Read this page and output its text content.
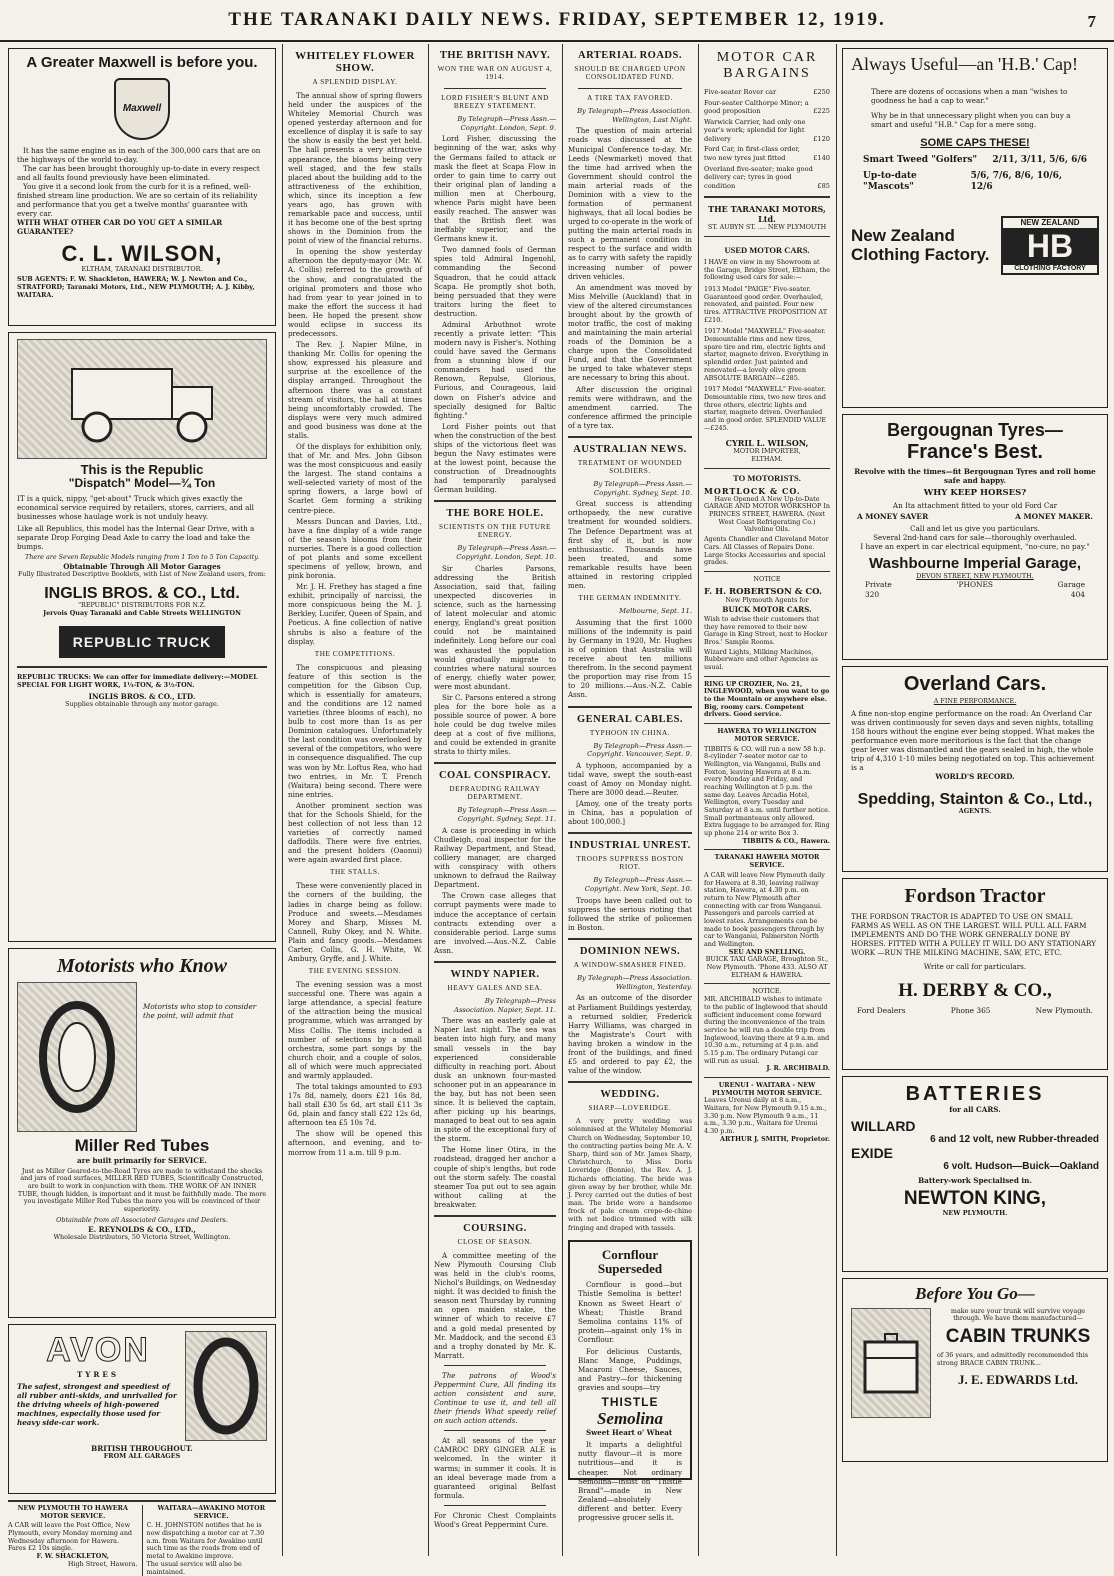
THE TARANAKI DAILY NEWS. FRIDAY, SEPTEMBER 12, 1919.	7
A Greater Maxwell is before you.
Maxwell

It has the same engine as in each of the 300,000 cars that are on the highways of the world to-day.

The car has been brought thoroughly up-to-date in every respect and all faults found previously have been eliminated.

You give it a second look from the curb for it is a refined, well-finished stream line production. We are so certain of its reliability and performance that you get a twelve months' guarantee with every car.

WITH WHAT OTHER CAR DO YOU GET A SIMILAR GUARANTEE?

C. L. WILSON,

ELTHAM, TARANAKI DISTRIBUTOR.

SUB AGENTS: F. W. Shackleton, HAWERA; W. J. Newton and Co., STRATFORD; Taranaki Motors, Ltd., NEW PLYMOUTH; A. J. Kibby, WAITARA.

This is the Republic
"Dispatch" Model—¾ Ton

IT is a quick, nippy, "get-about" Truck which gives exactly the economical service required by retailers, stores, carriers, and all businesses whose haulage work is not unduly heavy.

Like all Republics, this model has the Internal Gear Drive, with a separate Drop Forging Dead Axle to carry the load and take the bumps.

There are Seven Republic Models ranging from 1 Ton to 5 Ton Capacity.

Obtainable Through All Motor Garages

Fully Illustrated Descriptive Booklets, with List of New Zealand users, from:

INGLIS BROS. & CO., Ltd.

"REPUBLIC" DISTRIBUTORS FOR N.Z.

Jervois Quay Taranaki and Cable Streets WELLINGTON

REPUBLIC TRUCK

REPUBLIC TRUCKS: We can offer for immediate delivery:—MODEL SPECIAL FOR LIGHT WORK, 1¼-TON, & 3½-TON.

INGLIS BROS. & CO., LTD.

Supplies obtainable through any motor garage.

Motorists who Know

Motorists who stop to consider the point, will admit that

Miller Red Tubes

are built primarily for SERVICE.

Just as Miller Geared-to-the-Road Tyres are made to withstand the shocks and jars of road surfaces, MILLER RED TUBES, Scientifically Constructed, are built to work in conjunction with them. THE WORK OF AN INNER TUBE, though hidden, is important and it must be faithfully made. The more you investigate Miller Red Tubes the more you will be convinced of their superiority.

Obtainable from all Associated Garages and Dealers.

E. REYNOLDS & CO., LTD.,

Wholesale Distributors, 50 Victoria Street, Wellington.

AVON

TYRES

The safest, strongest and speediest of all rubber anti-skids, and unrivalled for the driving wheels of high-powered machines, especially those used for heavy side-car work.

BRITISH THROUGHOUT.

FROM ALL GARAGES

NEW PLYMOUTH TO HAWERA MOTOR SERVICE.

A CAR will leave the Post Office, New Plymouth, every Monday morning and Wednesday afternoon for Hawera. Fares £2 10s single.

F. W. SHACKLETON,

High Street, Hawera.

WAITARA—AWAKINO MOTOR SERVICE.

C. H. JOHNSTON notifies that he is now dispatching a motor car at 7.30 a.m. from Waitara for Awakino until such time as the roads from end of metal to Awakino improve.

The usual service will also be maintained.

WHITELEY FLOWER SHOW.
A SPLENDID DISPLAY.

The annual show of spring flowers held under the auspices of the Whiteley Memorial Church was opened yesterday afternoon and for excellence of display it is safe to say the show is easily the best yet held. The hall presents a very attractive appearance, the blooms being very well staged, and the few stalls placed about the building add to the attractiveness of the exhibition, which, since its inception a few years ago, has grown with remarkable pace and success, until it has become one of the best spring shows in the Dominion from the point of view of the financial returns.

In opening the show yesterday afternoon the deputy-mayor (Mr. W. A. Collis) referred to the growth of the show, and congratulated the original promoters and those who had from year to year joined in to make the effort the success it had been. He hoped the present show would eclipse in success its predecessors.

The Rev. J. Napier Milne, in thanking Mr. Collis for opening the show, expressed his pleasure and surprise at the excellence of the display arranged. Throughout the afternoon there was a constant stream of visitors, the hall at times being uncomfortably crowded. The displays were very much admired and good business was done at the stalls.

Of the displays for exhibition only, that of Mr. and Mrs. John Gibson was the most conspicuous and easily the largest. The stand contains a well-selected variety of most of the spring flowers, a large bowl of Scarlet Gem forming a striking centre-piece.

Messrs Duncan and Davies, Ltd., have a fine display of a wide range of the season's blooms from their nurseries. There is a good collection of pot plants and some excellent specimens of yellow, brown, and pink boronia.

Mr. J. H. Frethey has staged a fine exhibit, principally of narcissi, the more conspicuous being the M. J. Berkley, Lucifer, Queen of Spain, and Poeticus. A fine collection of native shrubs is also a feature of the display.

THE COMPETITIONS.

The conspicuous and pleasing feature of this section is the competition for the Gibson Cup, which is essentially for amateurs, and the conditions are 12 named varieties (three blooms of each), no bulb to cost more than 1s as per Dominion catalogues. Unfortunately the last condition was overlooked by several of the competitors, who were in consequence disqualified. The cup was won by Mr. Loftus Rea, who had two entries, in Mr. T. French (Waitara) being second. There were nine entries.

Another prominent section was that for the Schools Shield, for the best collection of not less than 12 varieties of correctly named daffodils. There were five entries, and the present holders (Oaonui) were again awarded first place.

THE STALLS.

These were conveniently placed in the corners of the building, the ladies in charge being as follow: Produce and sweets.—Mesdames Morey and Sharp, Misses M. Cannell, Ruby Okey, and N. White. Plain and fancy goods.—Mesdames Carter, Collis, G. H. White, W. Ambury, Gryffe, and J. White.

THE EVENING SESSION.

The evening session was a most successful one. There was again a large attendance, a special feature of the attraction being the musical programme, which was arranged by Miss Collis. The items included a number of selections by a small orchestra, some part songs by the church choir, and a couple of solos, all of which were much appreciated and warmly applauded.

The total takings amounted to £93 17s 8d, namely, doors £21 16s 8d, hall stall £30 5s 6d, art stall £11 3s 6d, plain and fancy stall £22 12s 6d, afternoon tea £5 10s 7d.

The show will be opened this afternoon, and evening, and to-morrow from 11 a.m. till 9 p.m.

THE BRITISH NAVY.
WON THE WAR ON AUGUST 4, 1914.
LORD FISHER'S BLUNT AND BREEZY STATEMENT.

By Telegraph—Press Assn.—Copyright. London, Sept. 9.

Lord Fisher, discussing the beginning of the war, asks why the Germans failed to attack or mask the fleet at Scapa Flow in order to gain time to carry out their original plan of landing a million men at Cherbourg, whence Paris might have been easily reached. The answer was that the British fleet was ineffably superior, and the Germans knew it.

Two damned fools of German spies told Admiral Ingenohl, commanding the Second Squadron, that he could attack Scapa. He promptly shot both, being persuaded that they were traitors luring the fleet to destruction.

Admiral Arbuthnot wrote recently a private letter: "This modern navy is Fisher's. Nothing could have saved the Germans from a stunning blow if our commanders had used the Renown, Repulse, Glorious, Furious, and Courageous, laid down on Fisher's advice and specially designed for Baltic fighting."

Lord Fisher points out that when the construction of the best ships of the victorious fleet was begun the Navy estimates were at the lowest point, because the construction of Dreadnoughts had temporarily paralysed German building.

THE BORE HOLE.
SCIENTISTS ON THE FUTURE ENERGY.

By Telegraph—Press Assn.—Copyright. London, Sept. 10.

Sir Charles Parsons, addressing the British Association, said that, failing unexpected discoveries in science, such as the harnessing of latent molecular and atomic energy, England's great position could not be maintained indefinitely. Long before our coal was exhausted the population would gradually migrate to countries where natural sources of energy, chiefly water power, were most abundant.

Sir C. Parsons entered a strong plea for the bore hole as a possible source of power. A bore hole could be dug twelve miles deep at a cost of five millions, and could be extended in granite strata to thirty miles.

COAL CONSPIRACY.
DEFRAUDING RAILWAY DEPARTMENT.

By Telegraph—Press Assn.—Copyright. Sydney, Sept. 11.

A case is proceeding in which Chudleigh, coal inspector for the Railway Department, and Stead, colliery manager, are charged with conspiracy with others unknown to defraud the Railway Department.

The Crown case alleges that corrupt payments were made to induce the acceptance of certain contracts extending over a considerable period. Large sums are involved.—Aus.-N.Z. Cable Assn.

WINDY NAPIER.
HEAVY GALES AND SEA.

By Telegraph—Press Association. Napier, Sept. 11.

There was an easterly gale at Napier last night. The sea was beaten into high fury, and many small vessels in the bay experienced considerable difficulty in reaching port. About dusk an unknown four-masted schooner put in an appearance in the bay, but has not been seen since. It is believed the captain, after picking up his bearings, managed to beat out to sea again in spite of the exceptional fury of the storm.

The Home liner Otira, in the roadstead, dragged her anchor a couple of ship's lengths, but rode out the storm safely. The coastal steamer Toa put out to sea again without calling at the breakwater.

COURSING.
CLOSE OF SEASON.

A committee meeting of the New Plymouth Coursing Club was held in the club's rooms, Nichol's Buildings, on Wednesday night. It was decided to finish the season next Thursday by running an open maiden stake, the winner of which to receive £7 and a gold medal presented by Mr. Maddock, and the second £3 and a trophy donated by Mr. K. Marratt.

The patrons of Wood's Peppermint Cure, All finding its action consistent and sure, Continue to use it, and tell all their friends What speedy relief on such action attends.

At all seasons of the year CAMROC DRY GINGER ALE is welcomed. In the winter it warms; in summer it cools. It is an ideal beverage made from a guaranteed original Belfast formula.

For Chronic Chest Complaints Wood's Great Peppermint Cure.

ARTERIAL ROADS.
SHOULD BE CHARGED UPON CONSOLIDATED FUND.
A TIRE TAX FAVORED.

By Telegraph—Press Association. Wellington, Last Night.

The question of main arterial roads was discussed at the Municipal Conference to-day. Mr. Leeds (Newmarket) moved that the time had arrived when the Government should control the main arterial roads of the Dominion with a view to the formation of permanent highways, that all local bodies be urged to co-operate in the work of putting the main arterial roads in such a permanent condition in respect to the surface and width as to carry with safety the rapidly increasing number of power driven vehicles.

An amendment was moved by Miss Melville (Auckland) that in view of the altered circumstances brought about by the growth of motor traffic, the cost of making and maintaining the main arterial roads of the Dominion be a charge upon the Consolidated Fund, and that the Government be urged to take whatever steps are necessary to bring this about.

After discussion the original remits were withdrawn, and the amendment carried. The conference affirmed the principle of a tyre tax.

AUSTRALIAN NEWS.
TREATMENT OF WOUNDED SOLDIERS.

By Telegraph—Press Assn.—Copyright. Sydney, Sept. 10.

Great success is attending orthopaedy, the new curative treatment for wounded soldiers. The Defence Department was at first shy of it, but is now enthusiastic. Thousands have been treated, and some remarkable results have been attained in restoring crippled men.

THE GERMAN INDEMNITY.

Melbourne, Sept. 11.

Assuming that the first 1000 millions of the indemnity is paid by Germany in 1920, Mr. Hughes is of opinion that Australia will receive about ten millions therefrom. In the second payment the proportion may rise from 15 to 20 millions.—Aus.-N.Z. Cable Assn.

GENERAL CABLES.
TYPHOON IN CHINA.

By Telegraph—Press Assn.—Copyright. Vancouver, Sept. 9.

A typhoon, accompanied by a tidal wave, swept the south-east coast of Amoy on Monday night. There are 3000 dead.—Reuter.

[Amoy, one of the treaty ports in China, has a population of about 100,000.]

INDUSTRIAL UNREST.
TROOPS SUPPRESS BOSTON RIOT.

By Telegraph—Press Assn.—Copyright. New York, Sept. 10.

Troops have been called out to suppress the serious rioting that followed the strike of policemen in Boston.

DOMINION NEWS.
A WINDOW-SMASHER FINED.

By Telegraph—Press Association. Wellington, Yesterday.

As an outcome of the disorder at Parliament Buildings yesterday, a returned soldier, Frederick Harry Williams, was charged in the Magistrate's Court with having broken a window in the front of the buildings, and fined £5 and ordered to pay £2, the value of the window.

WEDDING.
SHARP—LOVERIDGE.

A very pretty wedding was solemnised at the Whiteley Memorial Church on Wednesday, September 10, the contracting parties being Mr. A. V. Sharp, third son of Mr. James Sharp, Christchurch, to Miss Doris Loveridge (Bonnie), the Rev. A. J. Richards officiating. The bride was given away by her brother, while Mr. J. Percy carried out the duties of best man. The bride wore a handsome frock of pale cream crepe-de-chine with net bodice trimmed with silk fringing and draped with tassels.

Cornflour Superseded

Cornflour is good—but Thistle Semolina is better! Known as Sweet Heart o' Wheat; Thistle Brand Semolina contains 11% of protein—against only 1% in Cornflour.

For delicious Custards, Blanc Mange, Puddings, Macaroni Cheese, Sauces, and Pastry—for thickening gravies and soups—try

THISTLE
Semolina

Sweet Heart o' Wheat

It imparts a delightful nutty flavour—it is more nutritious—and it is cheaper. Not ordinary Semolina—insist on "Thistle Brand"—made in New Zealand—absolutely different and better. Every progressive grocer sells it.

MOTOR CAR
BARGAINS
Five-seater Rover car	£250
Four-seater Calthorpe Minor; a good proposition	£225
Warwick Carrier, had only one year's work; splendid for light delivery	£120
Ford Car, in first-class order, two new tyres just fitted	£140
Overland five-seater; make good delivery car; tyres in good condition	£85

THE TARANAKI MOTORS, Ltd.

ST. AUBYN ST. .... NEW PLYMOUTH

USED MOTOR CARS.

I HAVE on view in my Showroom at the Garage, Bridge Street, Eltham, the following used cars for sale:—

1913 Model "PAIGE" Five-seater. Guaranteed good order. Overhauled, renovated, and painted. Four new tires. ATTRACTIVE PROPOSITION AT £210.

1917 Model "MAXWELL" Five-seater. Demountable rims and new tires, spare tire and rim, electric lights and starter, magneto driven. Everything in splendid order. Just painted and renovated—a lovely olive green ABSOLUTE BARGAIN—£285.

1917 Model "MAXWELL" Five-seater. Demountable rims, two new tires and three others, electric lights and starter, magneto driven. Overhauled and in good order. SPLENDID VALUE—£245.

CYRIL L. WILSON,

MOTOR IMPORTER,

ELTHAM.

TO MOTORISTS.

MORTLOCK & CO.

Have Opened A New Up-to-Date GARAGE AND MOTOR WORKSHOP In PRINCES STREET, HAWERA. (Next West Coast Refrigerating Co.) Valvoline Oils.

Agents Chandler and Cleveland Motor Cars. All Classes of Repairs Done. Large Stocks Accessories and special grades.

NOTICE

F. H. ROBERTSON & CO.

New Plymouth Agents for

BUICK MOTOR CARS.

Wish to advise their customers that they have removed to their new Garage in King Street, next to Hocker Bros.' Sample Rooms.

Wizard Lights, Milking Machines, Rubberware and other Agencies as usual.

RING UP CROZIER, No. 21, INGLEWOOD, when you want to go to the Mountain or anywhere else. Big, roomy cars. Competent drivers. Good service.

HAWERA TO WELLINGTON MOTOR SERVICE.

TIBBITS & CO. will run a new 58 h.p. 8-cylinder 7-seater motor car to Wellington, via Wanganui, Bulls and Foxton, leaving Hawera at 8 a.m. every Monday and Friday, and reaching Wellington at 5 p.m. the same day. Leaves Arcadia Hotel, Wellington, every Tuesday and Saturday at 8 a.m. until further notice.

Small portmanteaux only allowed. Extra luggage to be arranged for. Ring up phone 214 or write Box 3.

TIBBITS & CO., Hawera.

TARANAKI HAWERA MOTOR SERVICE.

A CAR will leave New Plymouth daily for Hawera at 8.30, leaving railway station, Hawera, at 4.30 p.m. on return to New Plymouth after connecting with car from Wanganui.

Passengers and parcels carried at lowest rates. Arrangements can be made to book passengers through by car to Wanganui, Palmerston North and Wellington.

SEU AND SNELLING.

BUICK TAXI GARAGE, Broughton St., New Plymouth. 'Phone 433. ALSO AT ELTHAM & HAWERA.

NOTICE.

MR. ARCHIBALD wishes to intimate to the public of Inglewood that should sufficient inducement come forward during the inconvenience of the train service he will run a double trip from Inglewood, leaving there at 9 a.m. and 10.30 a.m., returning at 4 p.m. and 5.15 p.m. The ordinary Putangi car will run as usual.

J. R. ARCHIBALD.

URENUI - WAITARA - NEW PLYMOUTH MOTOR SERVICE.

Leaves Urenui daily at 8 a.m., Waitara, for New Plymouth 9.15 a.m., 3.30 p.m. New Plymouth 9 a.m., 11 a.m., 3.30 p.m., Waitara for Urenui 4.30 p.m.

ARTHUR J. SMITH, Proprietor.

Always Useful—an 'H.B.' Cap!

There are dozens of occasions when a man "wishes to goodness he had a cap to wear."

Why be in that unnecessary plight when you can buy a smart and useful "H.B." Cap for a mere song.

SOME CAPS THESE!
Smart Tweed "Golfers" 2/11, 3/11, 5/6, 6/6
Up-to-date "Mascots"
5/6, 7/6, 8/6, 10/6, 12/6
New Zealand
Clothing Factory.
NEW ZEALAND
HB
CLOTHING FACTORY
Bergougnan Tyres—
France's Best.

Revolve with the times—fit Bergougnan Tyres and roll home safe and happy.

WHY KEEP HORSES?

An Ita attachment fitted to your old Ford Car

A MONEY SAVER	A MONEY MAKER.

Call and let us give you particulars.

Several 2nd-hand cars for sale—thoroughly overhauled.

I have an expert in car electrical equipment, "no-cure, no pay."

Washbourne Imperial Garage,

DEVON STREET, NEW PLYMOUTH.

Private	'PHONES	Garage
320	404
Overland Cars.

A FINE PERFORMANCE.

A fine non-stop engine performance on the road: An Overland Car was driven continuously for seven days and seven nights, totalling 158 hours without the engine ever being stopped. What makes the performance even more meritorious is the fact that the change gear lever was dismantled and the gears sealed in high, the whole trip of 4,310 1-10 miles being negotiated on top. This achievement is a

WORLD'S RECORD.

Spedding, Stainton & Co., Ltd.,

AGENTS.

Fordson Tractor

THE FORDSON TRACTOR IS ADAPTED TO USE ON SMALL FARMS AS WELL AS ON THE LARGEST. WILL PULL ALL FARM IMPLEMENTS AND DO THE WORK GENERALLY DONE BY HORSES. FITTED WITH A PULLEY IT WILL DO ANY STATIONARY WORK —RUN THE MILKING MACHINE, SAW, ETC, ETC.

Write or call for particulars.

H. DERBY & CO.,
Ford Dealers	Phone 365	New Plymouth.
BATTERIES

for all CARS.

WILLARD

6 and 12 volt, new Rubber-threaded

EXIDE

6 volt. Hudson—Buick—Oakland

Battery-work Specialised in.

NEWTON KING,

NEW PLYMOUTH.

Before You Go—

make sure your trunk will survive voyage through. We have them manufactured—

CABIN TRUNKS

of 36 years, and admittedly recommended this strong BRACE CABIN TRUNK...

J. E. EDWARDS Ltd.
